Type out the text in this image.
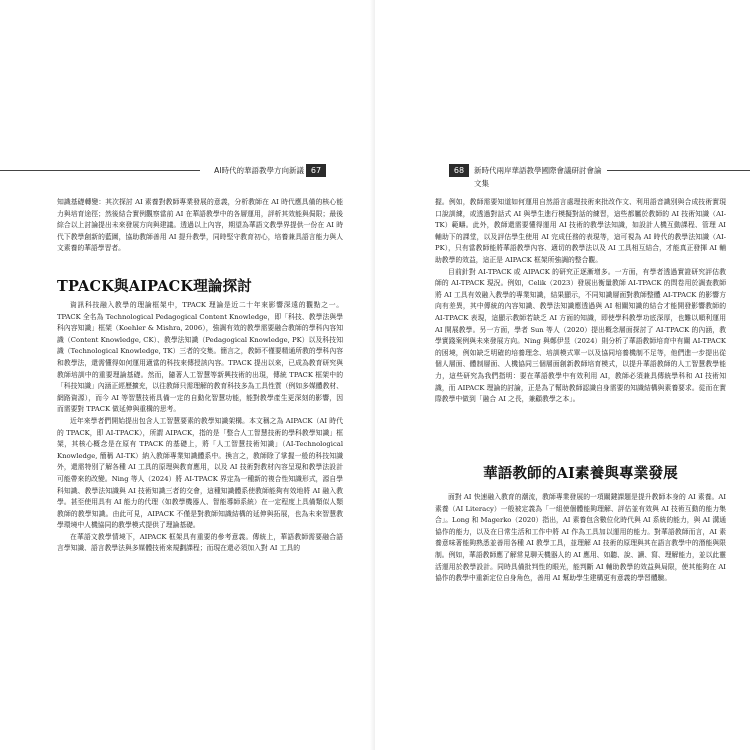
AI時代的華語教學方向新議 67

知識基礎轉變：其次探討 AI 素養對教師專業發展的意義，分析教師在 AI 時代應具備的核心能力與培育途徑；然後結合實例觀察當前 AI 在華語教學中的各層運用，評析其效能與侷限；最後綜合以上討論提出未來發展方向與建議。透過以上內容，期望為華語文教學界提供一份在 AI 時代下教學創新的藍圖，協助教師善用 AI 提升教學，同時堅守教育初心，培養兼具語言能力與人文素養的華語學習者。

TPACK與AIPACK理論探討

資訊科技融入教學的理論框架中，TPACK 理論是近二十年來影響深遠的觀點之一。TPACK 全名為 Technological Pedagogical Content Knowledge，即「科技、教學法與學科內容知識」框架（Koehler & Mishra, 2006），強調有效的教學需要融合教師的學科內容知識（Content Knowledge, CK）、教學法知識（Pedagogical Knowledge, PK）以及科技知識（Technological Knowledge, TK）三者的交集。簡言之，教師不僅要精通所教的學科內容和教學法，還需懂得如何運用適當的科技來傳授該內容。TPACK 提出以來，已成為教育研究與教師培訓中的重要理論基礎。然而，隨著人工智慧等新興技術的出現，傳統 TPACK 框架中的「科技知識」內涵正經歷擴充，以往教師只需理解的教育科技多為工具性質（例如多媒體教材、網路資源），而今 AI 等智慧技術具備一定的自動化智慧功能，能對教學產生更深刻的影響，因而需要對 TPACK 做延伸與重構的思考。

近年來學者們開始提出包含人工智慧要素的教學知識架構。本文稱之為 AIPACK（AI 時代的 TPACK，即 AI-TPACK），所謂 AIPACK，指的是「整合人工智慧技術的學科教學知識」框架，其核心概念是在原有 TPACK 的基礎上，將「人工智慧技術知識」（AI-Technological Knowledge, 簡稱 AI-TK）納入教師專業知識體系中。換言之，教師除了掌握一般的科技知識外，還需特別了解各種 AI 工具的原理與教育應用，以及 AI 技術對教材內容呈現和教學法設計可能帶來的改變。Ning 等人（2024）將 AI-TPACK 界定為一種新的複合性知識形式，源自學科知識、教學法知識與 AI 技術知識三者的交會，這種知識體系使教師能夠有效地將 AI 融入教學。甚至使用具有 AI 能力的代理（如教學機器人、智能導師系統）在一定程度上具備類似人類教師的教學知識。由此可見，AIPACK 不僅是對教師知識結構的延伸與拓展，也為未來智慧教學環境中人機協同的教學模式提供了理論基礎。

在華語文教學情境下，AIPACK 框架具有重要的參考意義。傳統上，華語教師需要融合語言學知識、語言教學法與多媒體技術來規劃課程；而現在還必須加入對 AI 工具的

68	新時代兩岸華語教學國際會議研討會論文集

握。例如，教師需要知道如何運用自然語言處理技術來批改作文、利用語音識別與合成技術實現口說訓練，或透過對話式 AI 與學生進行模擬對話的練習，這些都屬於教師的 AI 技術知識（AI-TK）範疇。此外，教師還需要懂得運用 AI 技術的教學法知識，如設計人機互動課程、管理 AI 輔助下的課堂，以及評估學生使用 AI 完成任務的表現等，這可視為 AI 時代的教學法知識（AI-PK），只有當教師能將華語教學內容、適切的教學法以及 AI 工具相互結合，才能真正發揮 AI 輔助教學的效益，這正是 AIPACK 框架所強調的整合觀。

目前針對 AI-TPACK 或 AIPACK 的研究正逐漸增多。一方面，有學者透過實證研究評估教師的 AI-TPACK 現況。例如，Celik（2023）發展出衡量教師 AI-TPACK 的問卷用於調查教師將 AI 工具有效融入教學的專業知識，結果顯示，不同知識層面對教師整體 AI-TPACK 的影響方向有差異，其中傳統的內容知識、教學法知識應透過與 AI 相關知識的結合才能開發影響教師的 AI-TPACK 表現，這顯示教師若缺乏 AI 方面的知識，即使學科教學功底深厚，也難以順利運用 AI 開展教學。另一方面，學者 Sun 等人（2020）提出概念層面探討了 AI-TPACK 的內涵，教學實踐案例與未來發展方向。Ning 與鄭伊昱（2024）則分析了華語教師培育中有關 AI-TPACK 的困境，例如缺乏明確的培養理念、培訓模式單一以及協同培養機制不足等，他們進一步提出從個人層面、體制層面、人機協同三個層面創新教師培育模式，以提升華語教師的人工智慧教學能力，這些研究為我們指明：要在華語教學中有效利用 AI，教師必須兼具傳統學科和 AI 技術知識，而 AIPACK 理論的討論，正是為了幫助教師認識自身需要的知識結構與素養要求。從而在實際教學中做到「融合 AI 之長，兼顧教學之本」。

華語教師的AI素養與專業發展

面對 AI 快速融入教育的潮流，教師專業發展的一項關鍵課題是提升教師本身的 AI 素養。AI 素養（AI Literacy）一般被定義為「一組使個體能夠理解、評估並有效與 AI 技術互動的能力集合」。Long 和 Magerko（2020）指出，AI 素養包含數位化時代與 AI 系統的能力，與 AI 溝通協作的能力，以及在日常生活和工作中將 AI 作為工具加以運用的能力。對華語教師而言，AI 素養意味著能夠熟悉並善用各種 AI 教學工具，並理解 AI 技術的原理與其在語言教學中的潛能與限制。例如，華語教師應了解常見聊天機器人的 AI 應用、如聽、說、讀、寫、理解能力，並以此靈活運用於教學設計。同時具備批判性的眼光，能判斷 AI 輔助教學的效益與局限，使其能夠在 AI 協作的教學中重新定位自身角色，善用 AI 幫助學生建構更有意義的學習體驗。
